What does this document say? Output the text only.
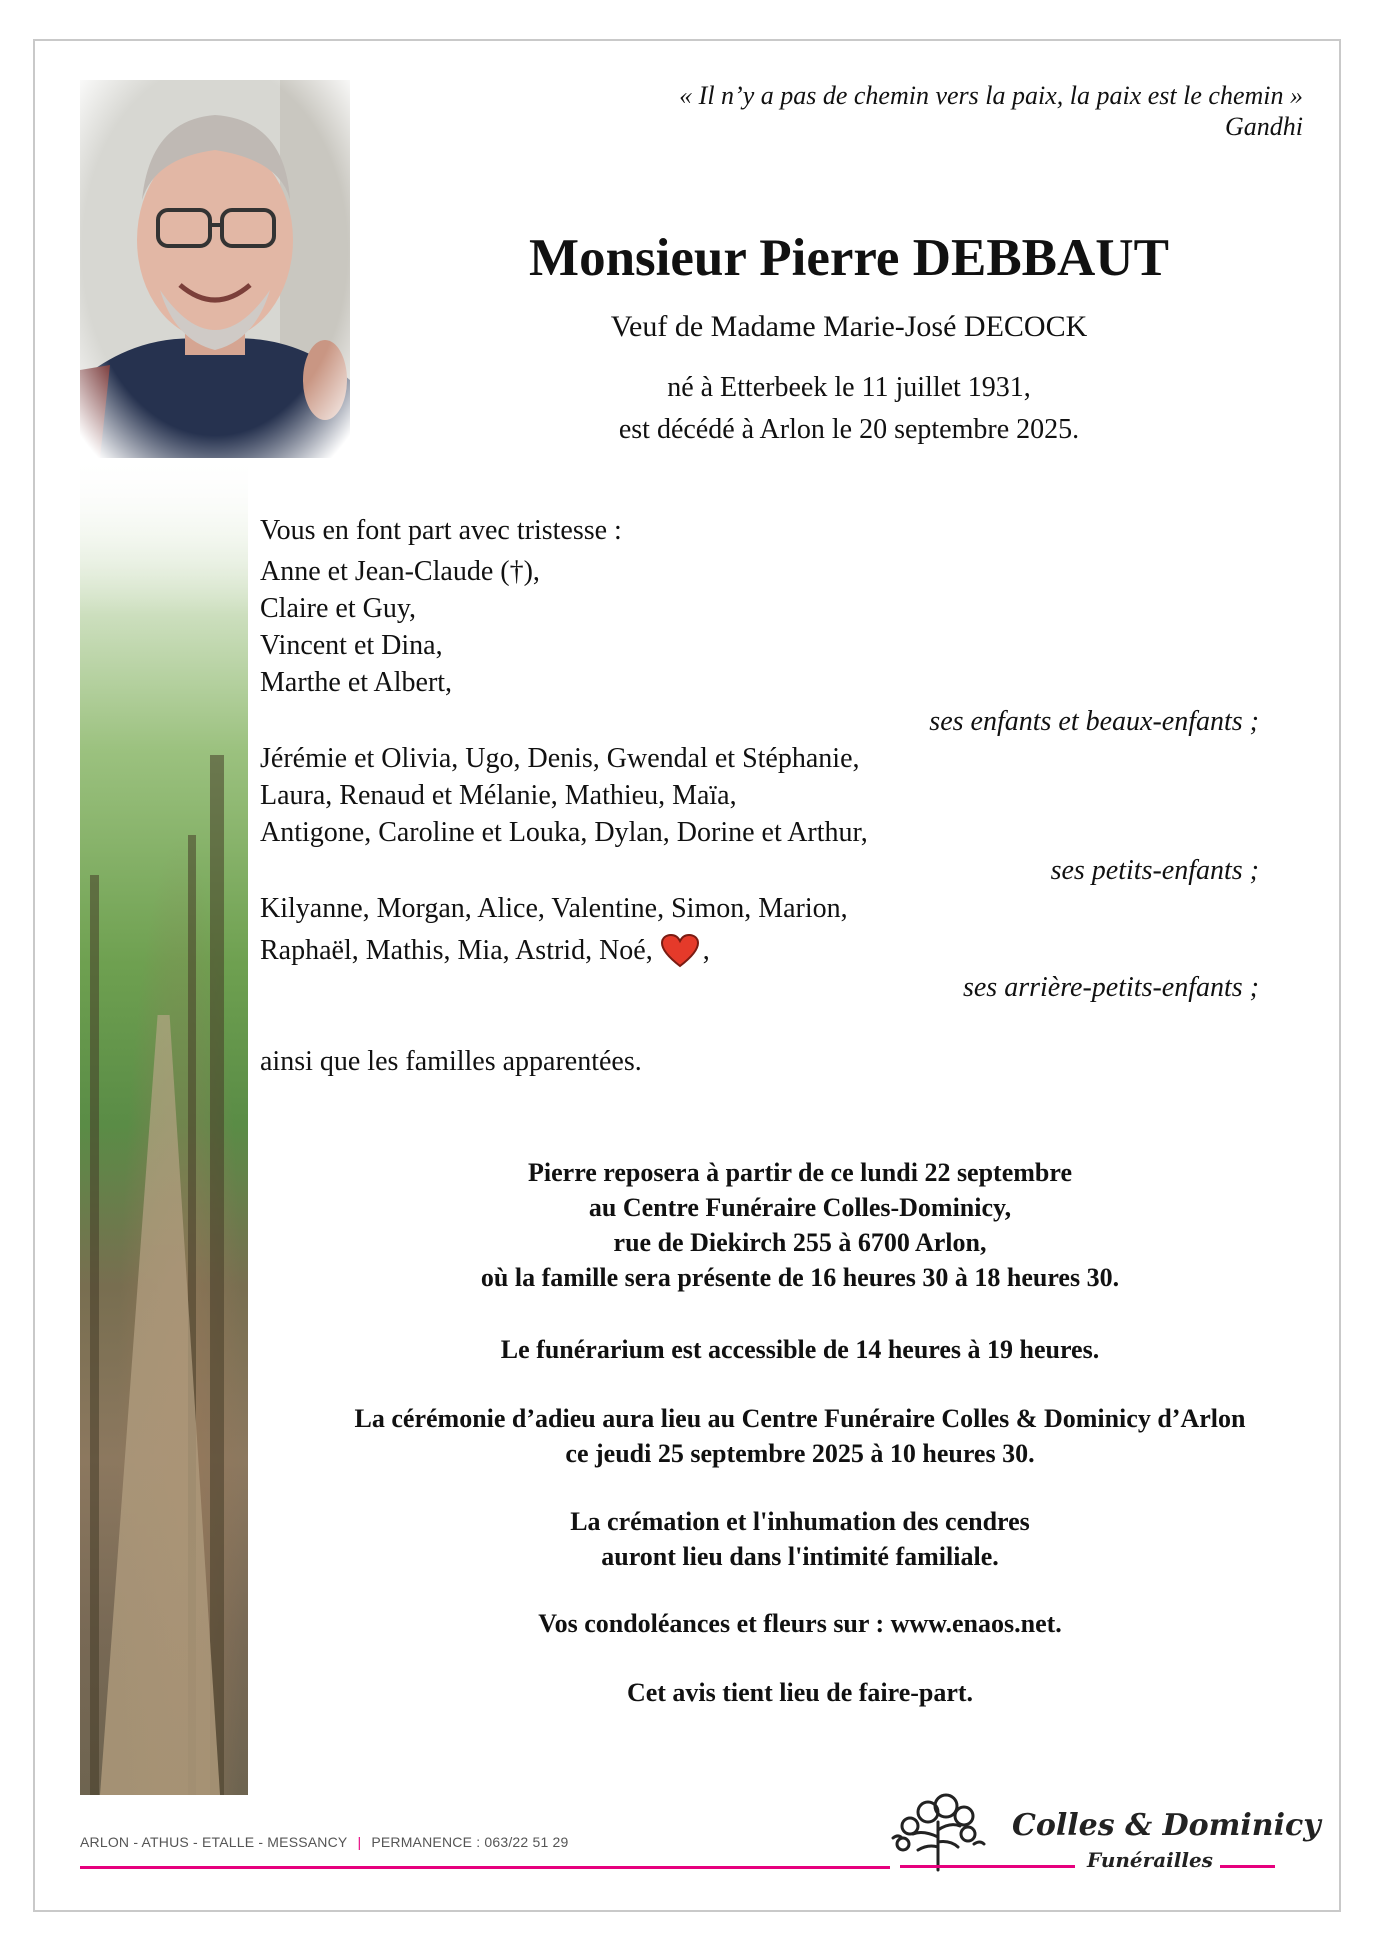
« Il n’y a pas de chemin vers la paix, la paix est le chemin »
Gandhi
Monsieur Pierre DEBBAUT
Veuf de Madame Marie-José DECOCK
né à Etterbeek le 11 juillet 1931,
est décédé à Arlon le 20 septembre 2025.
Vous en font part avec tristesse :
Anne et Jean-Claude (†),
Claire et Guy,
Vincent et Dina,
Marthe et Albert,
ses enfants et beaux-enfants ;
Jérémie et Olivia, Ugo, Denis, Gwendal et Stéphanie,
Laura, Renaud et Mélanie, Mathieu, Maïa,
Antigone, Caroline et Louka, Dylan, Dorine et Arthur,
ses petits-enfants ;
Kilyanne, Morgan, Alice, Valentine, Simon, Marion,
Raphaël, Mathis, Mia, Astrid, Noé, ,
ses arrière-petits-enfants ;
ainsi que les familles apparentées.
Pierre reposera à partir de ce lundi 22 septembre
au Centre Funéraire Colles-Dominicy,
rue de Diekirch 255 à 6700 Arlon,
où la famille sera présente de 16 heures 30 à 18 heures 30.
Le funérarium est accessible de 14 heures à 19 heures.
La cérémonie d’adieu aura lieu au Centre Funéraire Colles & Dominicy d’Arlon
ce jeudi 25 septembre 2025 à 10 heures 30.
La crémation et l'inhumation des cendres
auront lieu dans l'intimité familiale.
Vos condoléances et fleurs sur : www.enaos.net.
Cet avis tient lieu de faire-part.
ARLON - ATHUS - ETALLE - MESSANCY | PERMANENCE : 063/22 51 29	Colles & Dominicy
Funérailles
